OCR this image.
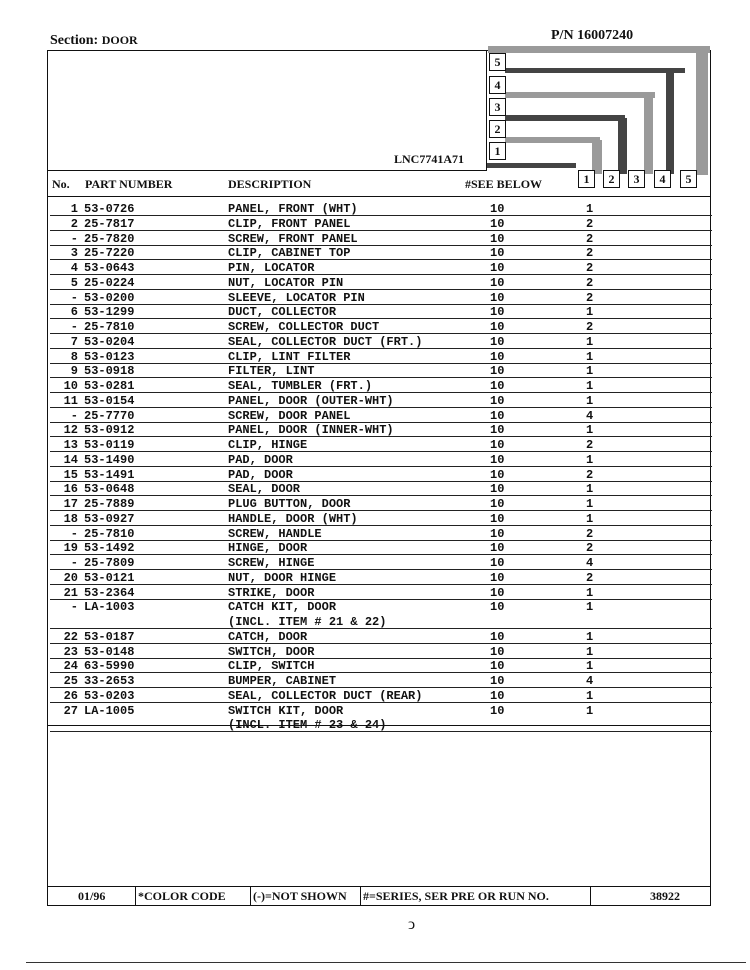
Section: DOOR	P/N 16007240
5
4
3
2
1
1	2	3	4	5
LNC7741A71
No. PART NUMBER	DESCRIPTION	#SEE BELOW
1 53-0726	PANEL, FRONT (WHT)	10	1
2 25-7817	CLIP, FRONT PANEL	10	2
- 25-7820	SCREW, FRONT PANEL	10	2
3 25-7220	CLIP, CABINET TOP	10	2
4 53-0643	PIN, LOCATOR	10	2
5 25-0224	NUT, LOCATOR PIN	10	2
- 53-0200	SLEEVE, LOCATOR PIN	10	2
6 53-1299	DUCT, COLLECTOR	10	1
- 25-7810	SCREW, COLLECTOR DUCT	10	2
7 53-0204	SEAL, COLLECTOR DUCT (FRT.)	10	1
8 53-0123	CLIP, LINT FILTER	10	1
9 53-0918	FILTER, LINT	10	1
10 53-0281	SEAL, TUMBLER (FRT.)	10	1
11 53-0154	PANEL, DOOR (OUTER-WHT)	10	1
- 25-7770	SCREW, DOOR PANEL	10	4
12 53-0912	PANEL, DOOR (INNER-WHT)	10	1
13 53-0119	CLIP, HINGE	10	2
14 53-1490	PAD, DOOR	10	1
15 53-1491	PAD, DOOR	10	2
16 53-0648	SEAL, DOOR	10	1
17 25-7889	PLUG BUTTON, DOOR	10	1
18 53-0927	HANDLE, DOOR (WHT)	10	1
- 25-7810	SCREW, HANDLE	10	2
19 53-1492	HINGE, DOOR	10	2
- 25-7809	SCREW, HINGE	10	4
20 53-0121	NUT, DOOR HINGE	10	2
21 53-2364	STRIKE, DOOR	10	1
- LA-1003	CATCH KIT, DOOR	10	1
(INCL. ITEM # 21 & 22)
22 53-0187	CATCH, DOOR	10	1
23 53-0148	SWITCH, DOOR	10	1
24 63-5990	CLIP, SWITCH	10	1
25 33-2653	BUMPER, CABINET	10	4
26 53-0203	SEAL, COLLECTOR DUCT (REAR)	10	1
27 LA-1005	SWITCH KIT, DOOR	10	1
(INCL. ITEM # 23 & 24)
01/96	*COLOR CODE (-)=NOT SHOWN #=SERIES, SER PRE OR RUN NO.	38922
ↄ
